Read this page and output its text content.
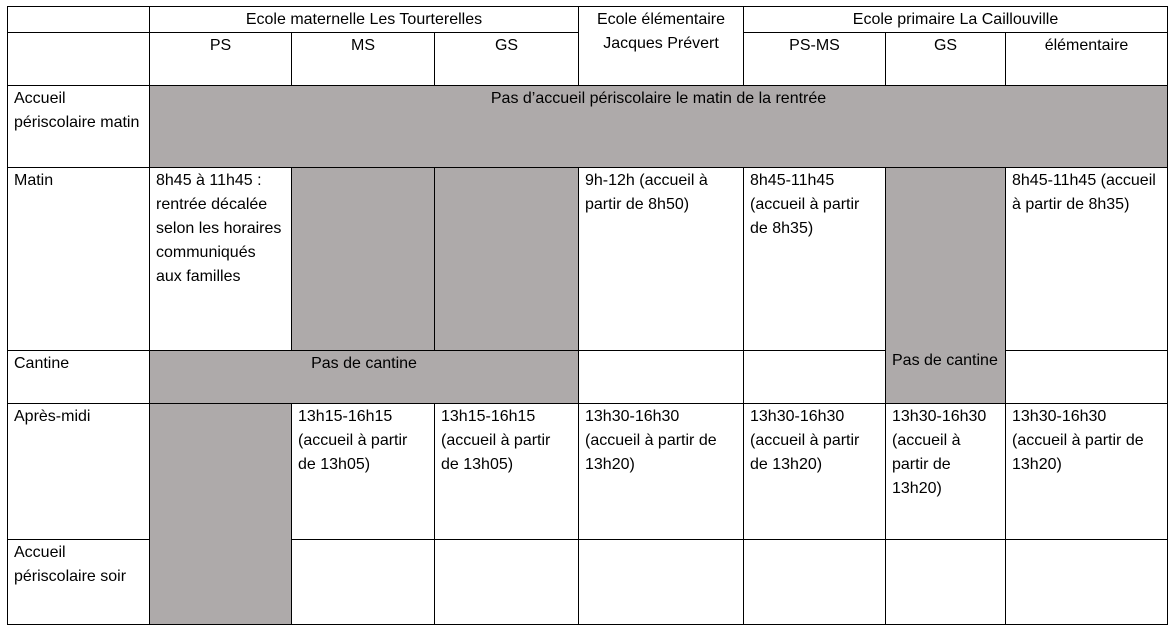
	Ecole maternelle Les Tourterelles			Ecole élémentaire Jacques Prévert	Ecole primaire La Caillouville		
	PS	MS	GS		PS-MS	GS	élémentaire
Accueil périscolaire matin	Pas d’accueil périscolaire le matin de la rentrée						
Matin	8h45 à 11h45 : rentrée décalée selon les horaires communiqués aux familles			9h-12h (accueil à partir de 8h50)	8h45-11h45 (accueil à partir de 8h35)	Pas de cantine	8h45-11h45 (accueil à partir de 8h35)
Cantine	Pas de cantine						
Après-midi		13h15-16h15 (accueil à partir de 13h05)	13h15-16h15 (accueil à partir de 13h05)	13h30-16h30 (accueil à partir de 13h20)	13h30-16h30 (accueil à partir de 13h20)	13h30-16h30 (accueil à partir de 13h20)	13h30-16h30 (accueil à partir de 13h20)
Accueil périscolaire soir							
